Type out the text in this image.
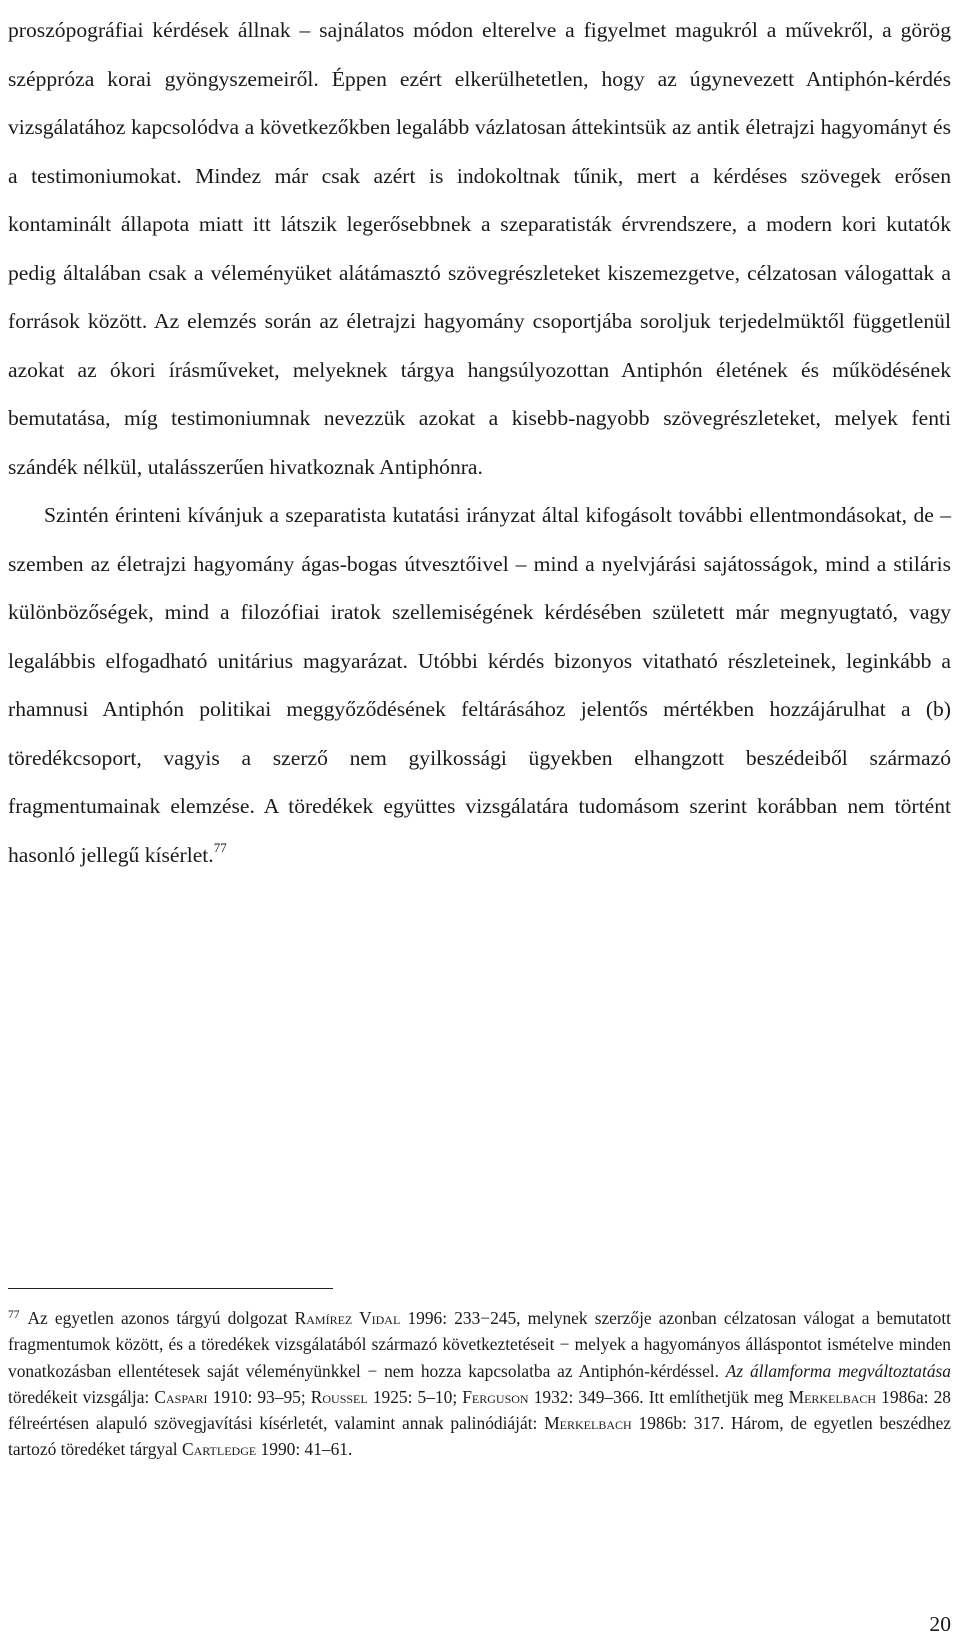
proszópográfiai kérdések állnak – sajnálatos módon elterelve a figyelmet magukról a művekről, a görög széppróza korai gyöngyszemeiről. Éppen ezért elkerülhetetlen, hogy az úgynevezett Antiphón-kérdés vizsgálatához kapcsolódva a következőkben legalább vázlatosan áttekintsük az antik életrajzi hagyományt és a testimoniumokat. Mindez már csak azért is indokoltnak tűnik, mert a kérdéses szövegek erősen kontaminált állapota miatt itt látszik legerősebbnek a szeparatisták érvrendszere, a modern kori kutatók pedig általában csak a véleményüket alátámasztó szövegrészleteket kiszemezgetve, célzatosan válogattak a források között. Az elemzés során az életrajzi hagyomány csoportjába soroljuk terjedelmüktől függetlenül azokat az ókori írásműveket, melyeknek tárgya hangsúlyozottan Antiphón életének és működésének bemutatása, míg testimoniumnak nevezzük azokat a kisebb-nagyobb szövegrészleteket, melyek fenti szándék nélkül, utalásszerűen hivatkoznak Antiphónra.

Szintén érinteni kívánjuk a szeparatista kutatási irányzat által kifogásolt további ellentmondásokat, de – szemben az életrajzi hagyomány ágas-bogas útvesztőivel – mind a nyelvjárási sajátosságok, mind a stiláris különbözőségek, mind a filozófiai iratok szellemiségének kérdésében született már megnyugtató, vagy legalábbis elfogadható unitárius magyarázat. Utóbbi kérdés bizonyos vitatható részleteinek, leginkább a rhamnusi Antiphón politikai meggyőződésének feltárásához jelentős mértékben hozzájárulhat a (b) töredékcsoport, vagyis a szerző nem gyilkossági ügyekben elhangzott beszédeiből származó fragmentumainak elemzése. A töredékek együttes vizsgálatára tudomásom szerint korábban nem történt hasonló jellegű kísérlet.$^{77}$

$^{77}$ Az egyetlen azonos tárgyú dolgozat Ramírez Vidal 1996: 233−245, melynek szerzője azonban célzatosan válogat a bemutatott fragmentumok között, és a töredékek vizsgálatából származó következtetéseit − melyek a hagyományos álláspontot ismételve minden vonatkozásban ellentétesek saját véleményünkkel − nem hozza kapcsolatba az Antiphón-kérdéssel. Az államforma megváltoztatása töredékeit vizsgálja: Caspari 1910: 93–95; Roussel 1925: 5–10; Ferguson 1932: 349–366. Itt említhetjük meg Merkelbach 1986a: 28 félreértésen alapuló szövegjavítási kísérletét, valamint annak palinódiáját: Merkelbach 1986b: 317. Három, de egyetlen beszédhez tartozó töredéket tárgyal Cartledge 1990: 41–61.

20
